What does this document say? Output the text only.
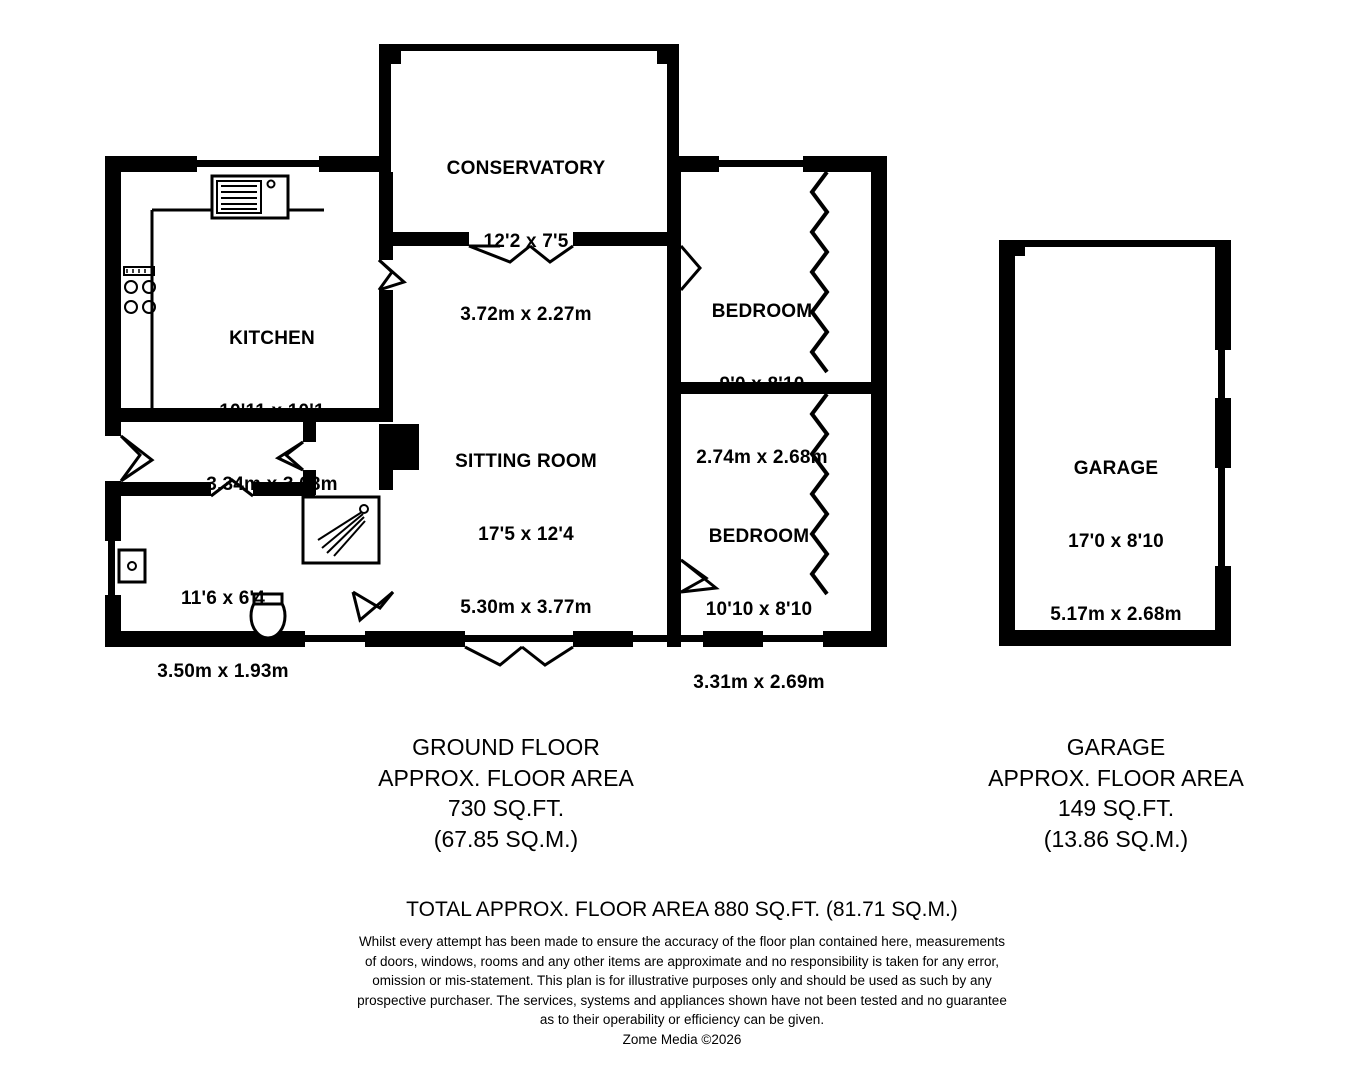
CONSERVATORY

12'2 x 7'5

3.72m x 2.27m

KITCHEN

10'11 x 10'1

3.34m x 3.08m

BEDROOM

9'0 x 8'10

2.74m x 2.68m

SITTING ROOM

17'5 x 12'4

5.30m x 3.77m

BEDROOM

10'10 x 8'10

3.31m x 2.69m

11'6 x 6'4

3.50m x 1.93m

GARAGE

17'0 x 8'10

5.17m x 2.68m

GROUND FLOOR
APPROX. FLOOR AREA
730 SQ.FT.
(67.85 SQ.M.)
GARAGE
APPROX. FLOOR AREA
149 SQ.FT.
(13.86 SQ.M.)
TOTAL APPROX. FLOOR AREA 880 SQ.FT. (81.71 SQ.M.)
Whilst every attempt has been made to ensure the accuracy of the floor plan contained here, measurements
of doors, windows, rooms and any other items are approximate and no responsibility is taken for any error,
omission or mis-statement. This plan is for illustrative purposes only and should be used as such by any
prospective purchaser. The services, systems and appliances shown have not been tested and no guarantee
as to their operability or efficiency can be given.
Zome Media ©2026
